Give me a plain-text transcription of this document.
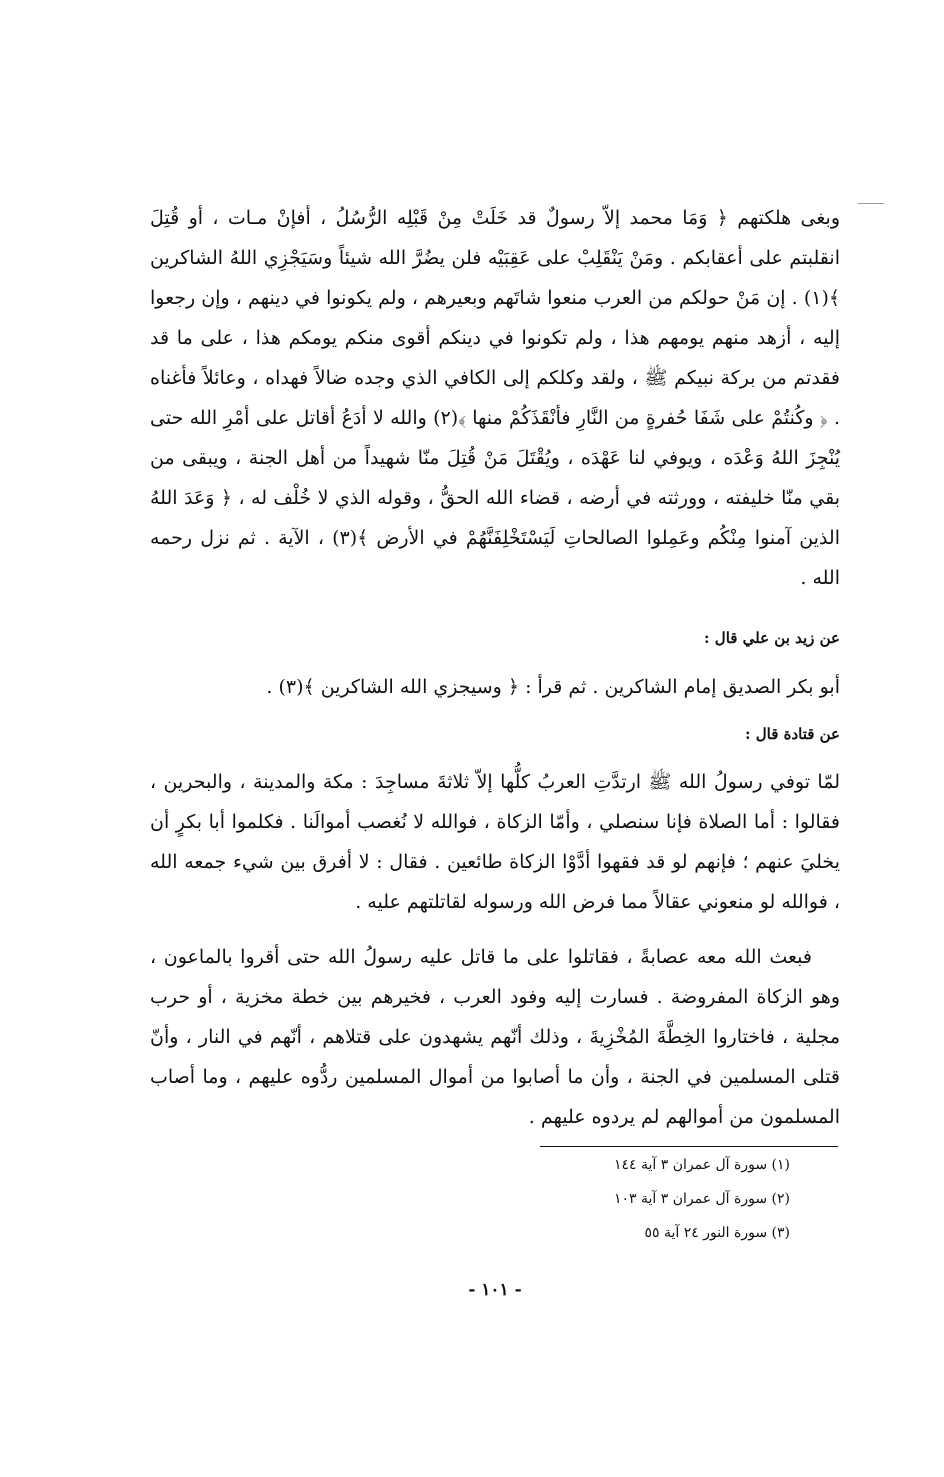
وبغى هلكتهم ﴿ وَمَا محمد إلاّ رسولٌ قد خَلَتْ مِنْ قَبْلِه الرُّسُلُ ، أفإنْ مـات ، أو قُتِلَ انقلبتم على أعقابكم . ومَنْ يَنْقَلِبْ على عَقِبَيْه فلن يضُرَّ الله شيئاً وسَيَجْزِي اللهُ الشاكرين ﴾(١) . إن مَنْ حولكم من العرب منعوا شاتَهم وبعيرهم ، ولم يكونوا في دينهم ، وإن رجعوا إليه ، أزهد منهم يومهم هذا ، ولم تكونوا في دينكم أقوى منكم يومكم هذا ، على ما قد فقدتم من بركة نبيكم ﷺ ، ولقد وكلكم إلى الكافي الذي وجده ضالاً فهداه ، وعائلاً فأغناه . ﴿ وكُنتُمْ على شَفَا حُفرةٍ من النَّارِ فأنْقَذَكُمْ منها ﴾(٢) والله لا أدَعُ أقاتل على أمْرِ الله حتى يُنْجِزَ اللهُ وَعْدَه ، ويوفي لنا عَهْدَه ، ويُقْتَلَ مَنْ قُتِلَ منّا شهيداً من أهل الجنة ، ويبقى من بقي منّا خليفته ، وورثته في أرضه ، قضاء الله الحقُّ ، وقوله الذي لا خُلْف له ، ﴿ وَعَدَ اللهُ الذين آمنوا مِنْكُم وعَمِلوا الصالحاتِ لَيَسْتَخْلِفَنَّهُمْ في الأرض ﴾(٣) ، الآية . ثم نزل رحمه الله .

عن زيد بن علي قال :

أبو بكر الصديق إمام الشاكرين . ثم قرأ : ﴿ وسيجزي الله الشاكرين ﴾(٣) .

عن قتادة قال :

لمّا توفي رسولُ الله ﷺ ارتدَّتِ العربُ كلُّها إلاّ ثلاثةَ مساجِدَ : مكة والمدينة ، والبحرين ، فقالوا : أما الصلاة فإنا سنصلي ، وأمّا الزكاة ، فوالله لا نُغصب أموالَنا . فكلموا أبا بكرٍ أن يخليَ عنهم ؛ فإنهم لو قد فقهوا أدَّوْا الزكاة طائعين . فقال : لا أفرق بين شيء جمعه الله ، فوالله لو منعوني عقالاً مما فرض الله ورسوله لقاتلتهم عليه .

فبعث الله معه عصابةً ، فقاتلوا على ما قاتل عليه رسولُ الله حتى أقروا بالماعون ، وهو الزكاة المفروضة . فسارت إليه وفود العرب ، فخيرهم بين خطة مخزية ، أو حرب مجلية ، فاختاروا الخِطَّةَ المُخْزِيةَ ، وذلك أنّهم يشهدون على قتلاهم ، أنّهم في النار ، وأنّ قتلى المسلمين في الجنة ، وأن ما أصابوا من أموال المسلمين ردُّوه عليهم ، وما أصاب المسلمون من أموالهم لم يردوه عليهم .

(١) سورة آل عمران ٣ آية ١٤٤
(٢) سورة آل عمران ٣ آية ١٠٣
(٣) سورة النور ٢٤ آية ٥٥
- ١٠١ -
